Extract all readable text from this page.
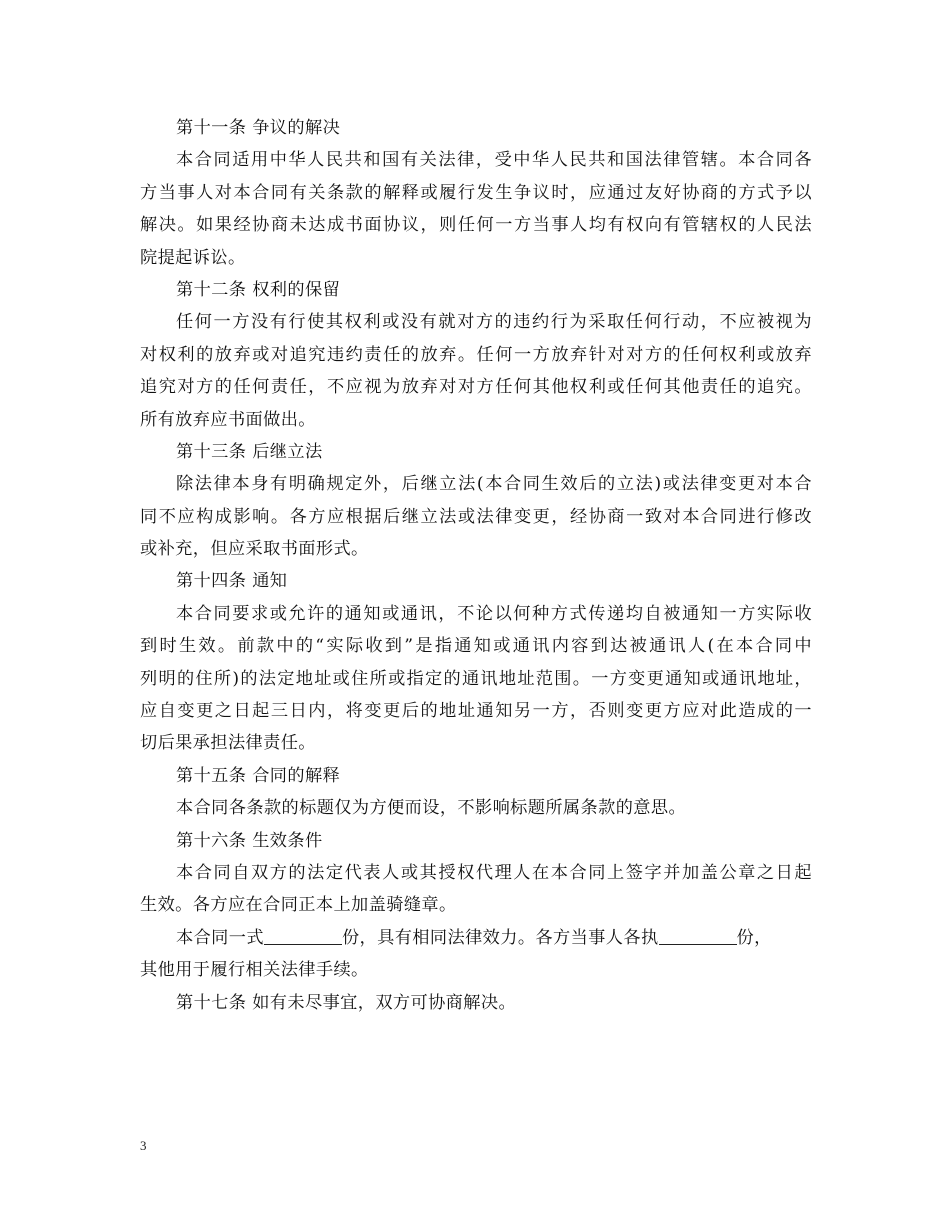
第十一条 争议的解决
本合同适用中华人民共和国有关法律，受中华人民共和国法律管辖。本合同各
方当事人对本合同有关条款的解释或履行发生争议时，应通过友好协商的方式予以
解决。如果经协商未达成书面协议，则任何一方当事人均有权向有管辖权的人民法
院提起诉讼。
第十二条 权利的保留
任何一方没有行使其权利或没有就对方的违约行为采取任何行动，不应被视为
对权利的放弃或对追究违约责任的放弃。任何一方放弃针对对方的任何权利或放弃
追究对方的任何责任，不应视为放弃对对方任何其他权利或任何其他责任的追究。
所有放弃应书面做出。
第十三条 后继立法
除法律本身有明确规定外，后继立法(本合同生效后的立法)或法律变更对本合
同不应构成影响。各方应根据后继立法或法律变更，经协商一致对本合同进行修改
或补充，但应采取书面形式。
第十四条 通知
本合同要求或允许的通知或通讯，不论以何种方式传递均自被通知一方实际收
到时生效。前款中的“实际收到”是指通知或通讯内容到达被通讯人(在本合同中
列明的住所)的法定地址或住所或指定的通讯地址范围。一方变更通知或通讯地址，
应自变更之日起三日内，将变更后的地址通知另一方，否则变更方应对此造成的一
切后果承担法律责任。
第十五条 合同的解释
本合同各条款的标题仅为方便而设，不影响标题所属条款的意思。
第十六条 生效条件
本合同自双方的法定代表人或其授权代理人在本合同上签字并加盖公章之日起
生效。各方应在合同正本上加盖骑缝章。
本合同一式	份，具有相同法律效力。各方当事人各执	份，
其他用于履行相关法律手续。
第十七条 如有未尽事宜，双方可协商解决。
3
